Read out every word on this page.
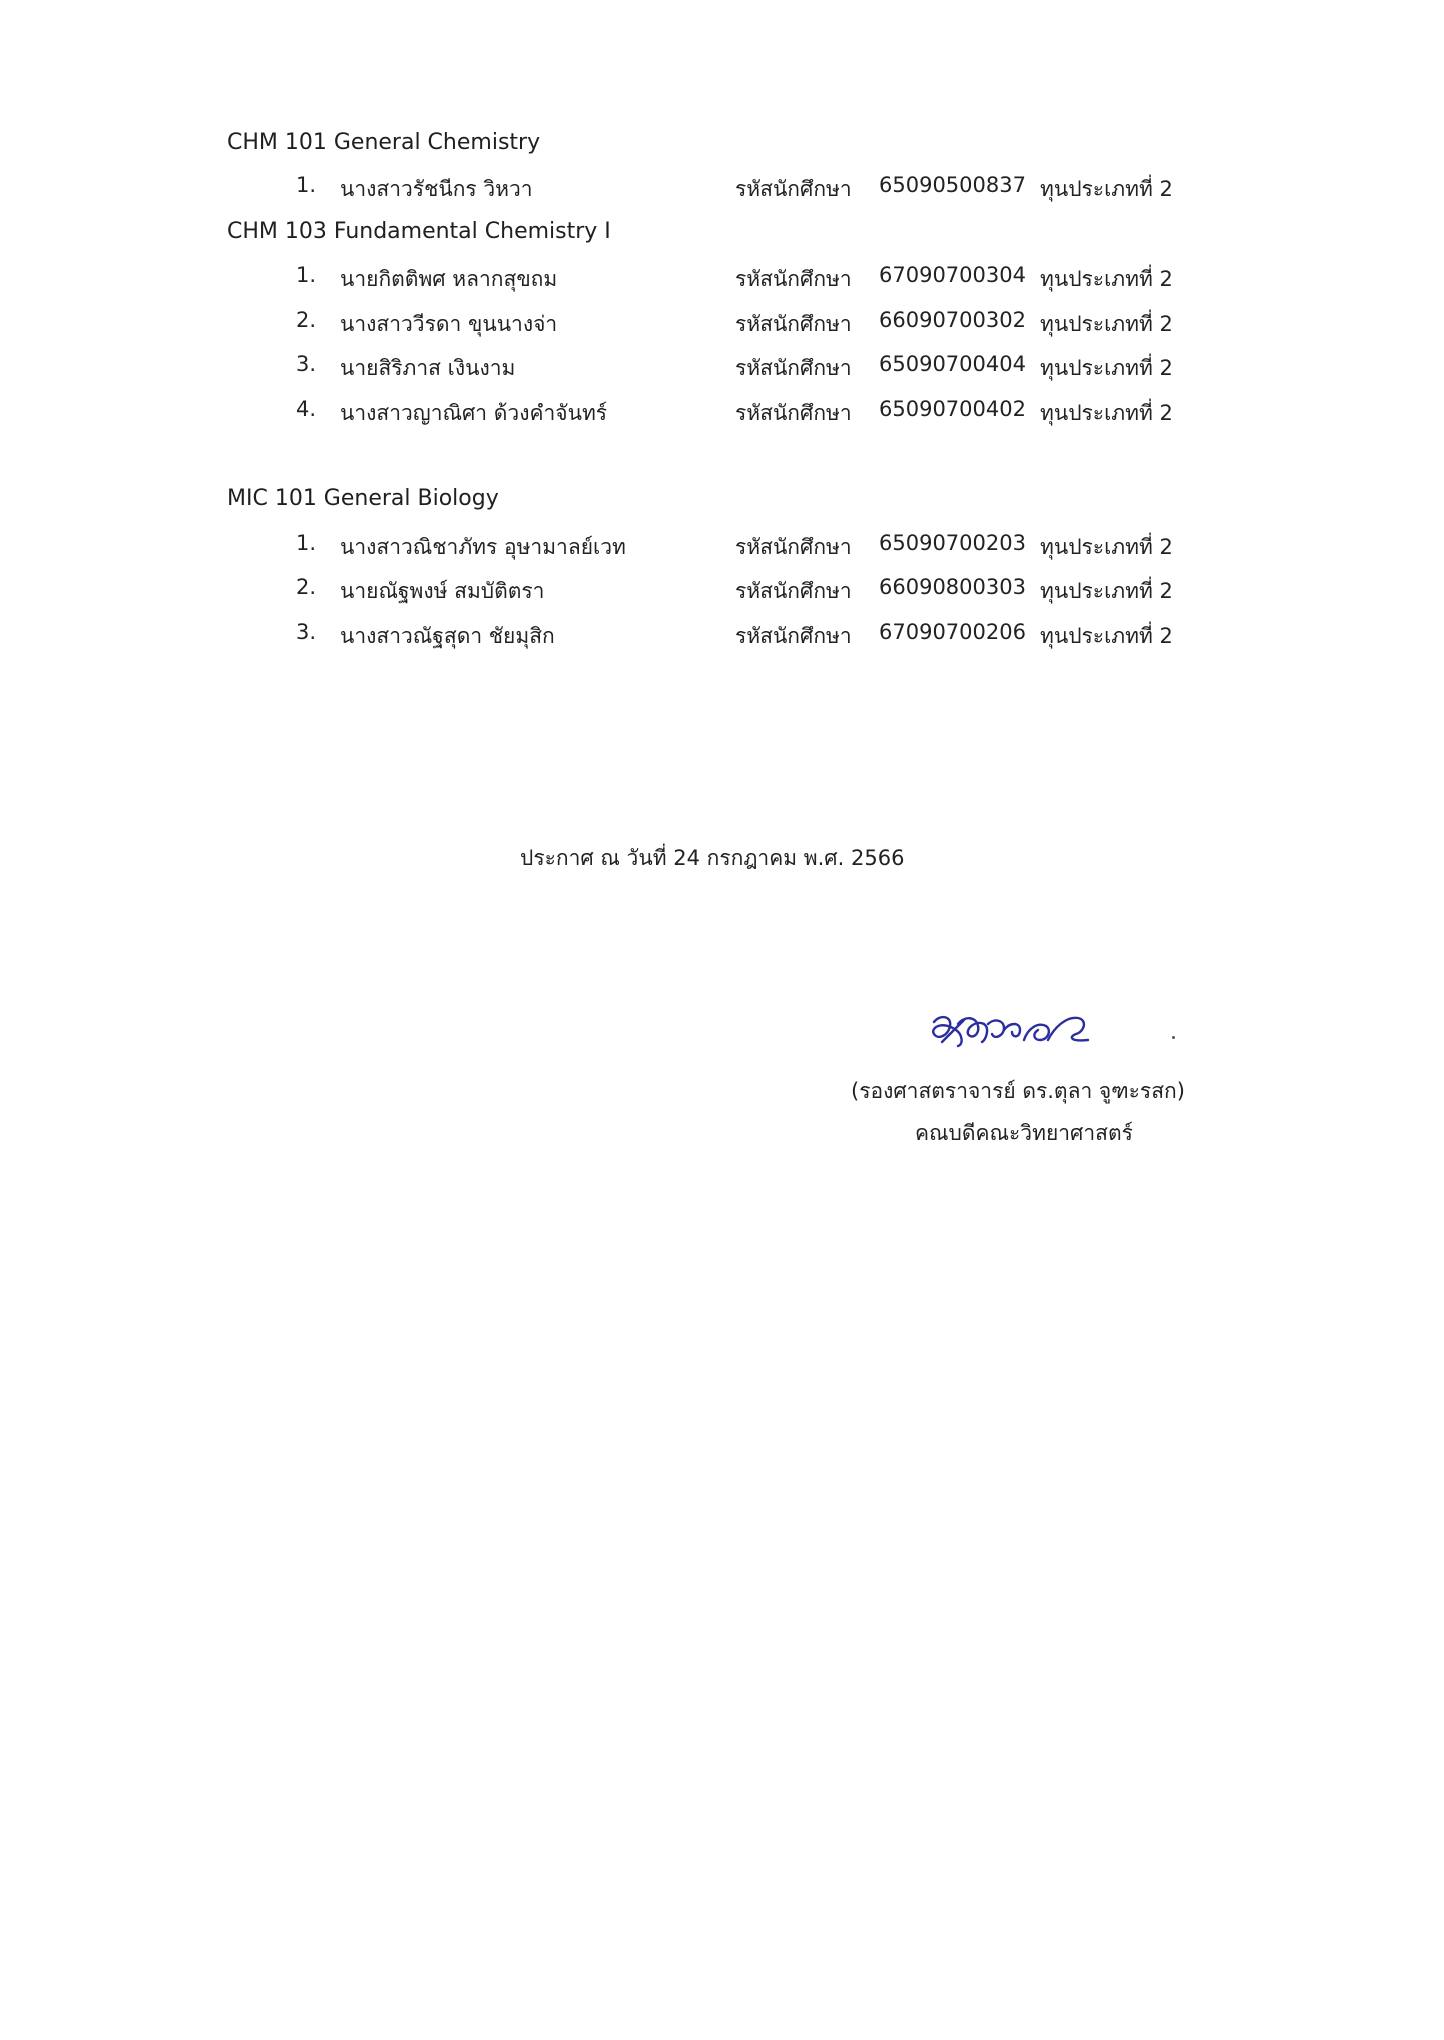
CHM 101 General Chemistry
1. นางสาวรัชนีกร วิหวา	รหัสนักศึกษา 65090500837 ทุนประเภทที่ 2
CHM 103 Fundamental Chemistry I
1. นายกิตติพศ หลากสุขถม	รหัสนักศึกษา 67090700304 ทุนประเภทที่ 2
2. นางสาววีรดา ขุนนางจ่า	รหัสนักศึกษา 66090700302 ทุนประเภทที่ 2
3. นายสิริภาส เงินงาม	รหัสนักศึกษา 65090700404 ทุนประเภทที่ 2
4. นางสาวญาณิศา ด้วงคำจันทร์	รหัสนักศึกษา 65090700402 ทุนประเภทที่ 2
MIC 101 General Biology
1. นางสาวณิชาภัทร อุษามาลย์เวท	รหัสนักศึกษา 65090700203 ทุนประเภทที่ 2
2. นายณัฐพงษ์ สมบัติตรา	รหัสนักศึกษา 66090800303 ทุนประเภทที่ 2
3. นางสาวณัฐสุดา ชัยมุสิก	รหัสนักศึกษา 67090700206 ทุนประเภทที่ 2
ประกาศ ณ วันที่ 24 กรกฎาคม พ.ศ. 2566
(รองศาสตราจารย์ ดร.ตุลา จูฑะรสก)
คณบดีคณะวิทยาศาสตร์
